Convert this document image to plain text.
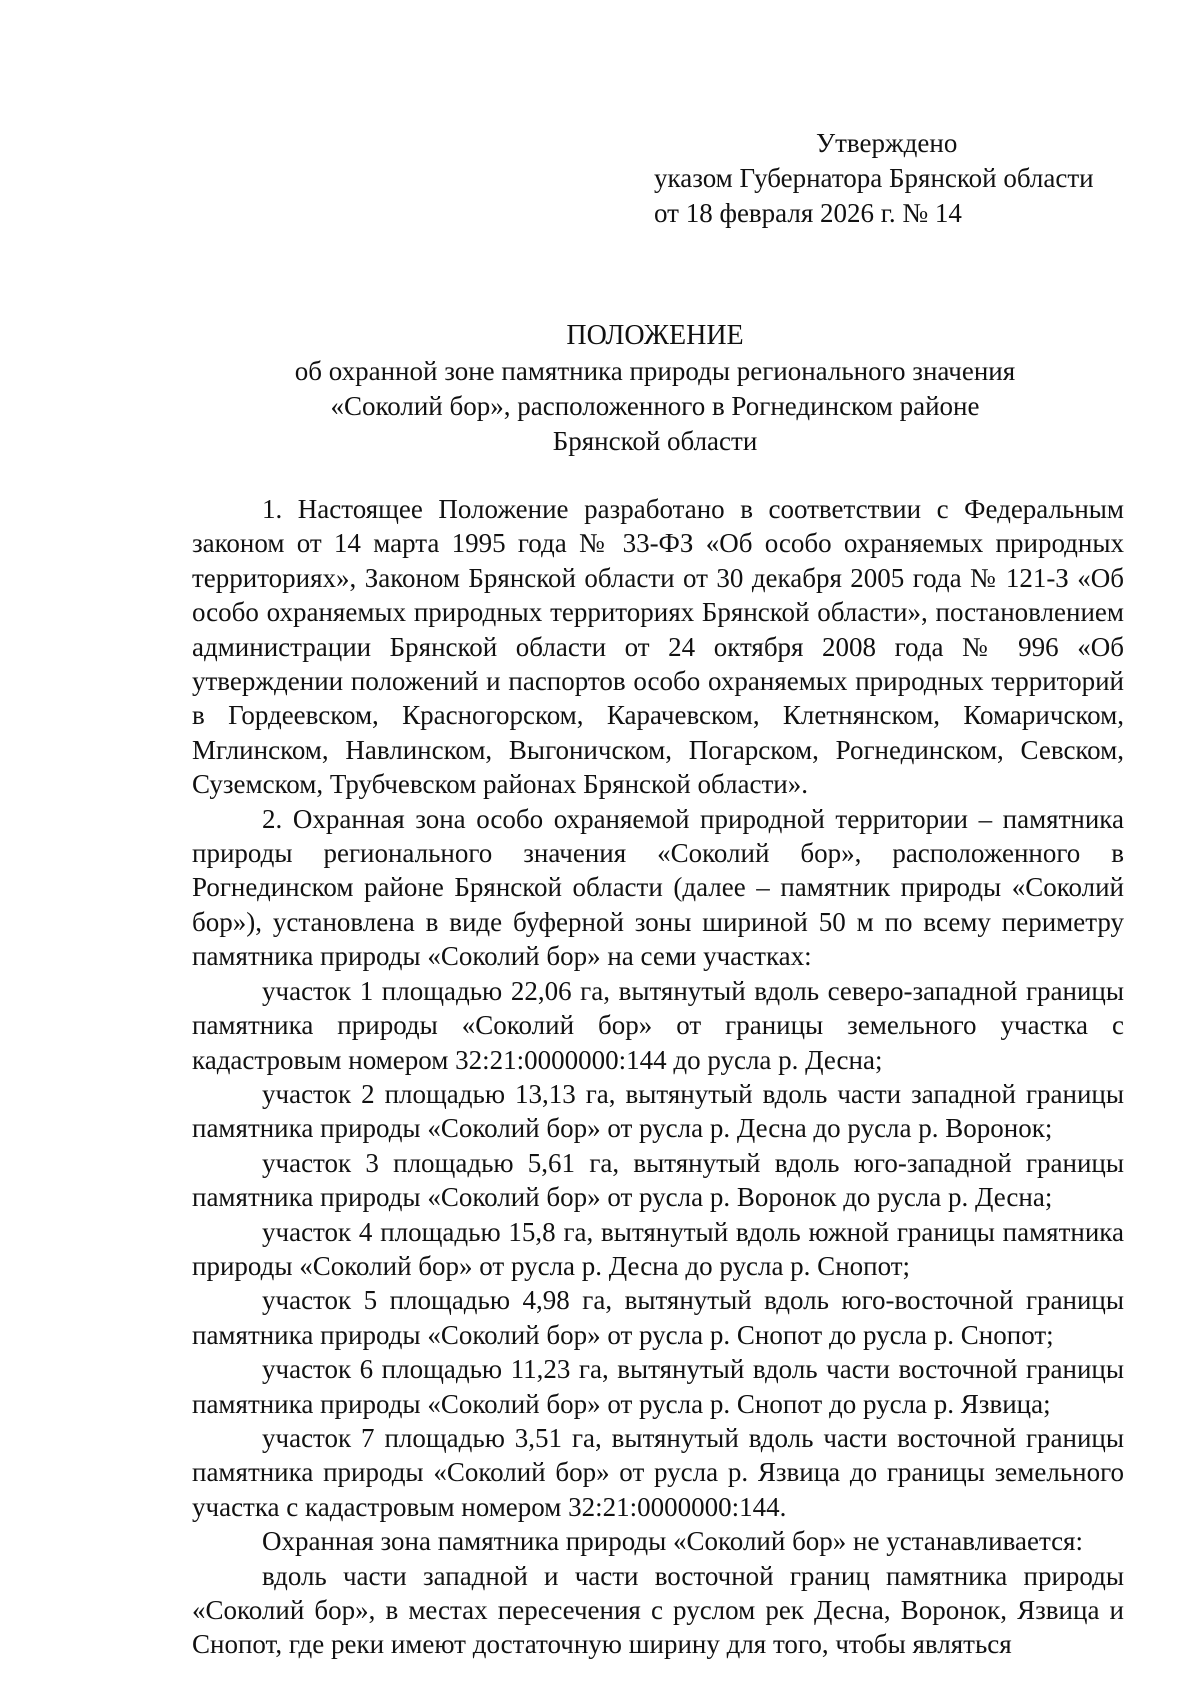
Утверждено
указом Губернатора Брянской области
от 18 февраля 2026 г. № 14
ПОЛОЖЕНИЕ
об охранной зоне памятника природы регионального значения
«Соколий бор», расположенного в Рогнединском районе
Брянской области

1. Настоящее Положение разработано в соответствии с Федеральным законом от 14 марта 1995 года № 33-ФЗ «Об особо охраняемых природных территориях», Законом Брянской области от 30 декабря 2005 года № 121-З «Об особо охраняемых природных территориях Брянской области», постановлением администрации Брянской области от 24 октября 2008 года № 996 «Об утверждении положений и паспортов особо охраняемых природных территорий в Гордеевском, Красногорском, Карачевском, Клетнянском, Комаричском, Мглинском, Навлинском, Выгоничском, Погарском, Рогнединском, Севском, Суземском, Трубчевском районах Брянской области».

2. Охранная зона особо охраняемой природной территории – памятника природы регионального значения «Соколий бор», расположенного в Рогнединском районе Брянской области (далее – памятник природы «Соколий бор»), установлена в виде буферной зоны шириной 50 м по всему периметру памятника природы «Соколий бор» на семи участках:

участок 1 площадью 22,06 га, вытянутый вдоль северо-западной границы памятника природы «Соколий бор» от границы земельного участка с кадастровым номером 32:21:0000000:144 до русла р. Десна;

участок 2 площадью 13,13 га, вытянутый вдоль части западной границы памятника природы «Соколий бор» от русла р. Десна до русла р. Воронок;

участок 3 площадью 5,61 га, вытянутый вдоль юго-западной границы памятника природы «Соколий бор» от русла р. Воронок до русла р. Десна;

участок 4 площадью 15,8 га, вытянутый вдоль южной границы памятника природы «Соколий бор» от русла р. Десна до русла р. Снопот;

участок 5 площадью 4,98 га, вытянутый вдоль юго-восточной границы памятника природы «Соколий бор» от русла р. Снопот до русла р. Снопот;

участок 6 площадью 11,23 га, вытянутый вдоль части восточной границы памятника природы «Соколий бор» от русла р. Снопот до русла р. Язвица;

участок 7 площадью 3,51 га, вытянутый вдоль части восточной границы памятника природы «Соколий бор» от русла р. Язвица до границы земельного участка с кадастровым номером 32:21:0000000:144.

Охранная зона памятника природы «Соколий бор» не устанавливается:

вдоль части западной и части восточной границ памятника природы «Соколий бор», в местах пересечения с руслом рек Десна, Воронок, Язвица и Снопот, где реки имеют достаточную ширину для того, чтобы являться
